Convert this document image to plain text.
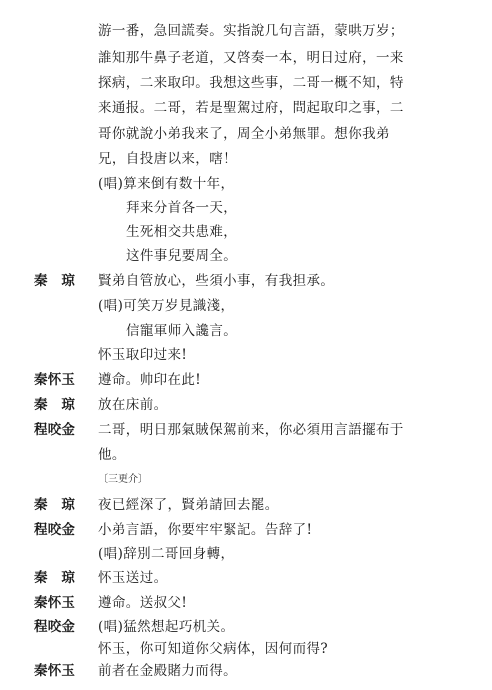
游一番，急回謊奏。实指說几句言語，蒙哄万岁；
誰知那牛鼻子老道，又啓奏一本，明日过府，一来
探病，二来取印。我想这些事，二哥一概不知，特
来通报。二哥，若是聖駕过府，問起取印之事，二
哥你就說小弟我来了，周全小弟無罪。想你我弟
兄，自投唐以来，嗐！
(唱)算来倒有数十年，
拜来分首各一天，
生死相交共患难，
这件事兒要周全。
秦　琼 賢弟自管放心，些須小事，有我担承。
(唱)可笑万岁見識淺，
信寵軍师入讒言。
怀玉取印过来!
秦怀玉 遵命。帅印在此!
秦　琼 放在床前。
程咬金 二哥，明日那氣賊保駕前来，你必須用言語擺布于
他。
〔三更介〕
秦　琼 夜已經深了，賢弟請回去罷。
程咬金 小弟言語，你要牢牢緊記。告辞了!
(唱)辞別二哥回身轉，
秦　琼 怀玉送过。
秦怀玉 遵命。送叔父!
程咬金 (唱)猛然想起巧机关。
怀玉，你可知道你父病体，因何而得?
秦怀玉 前者在金殿賭力而得。
